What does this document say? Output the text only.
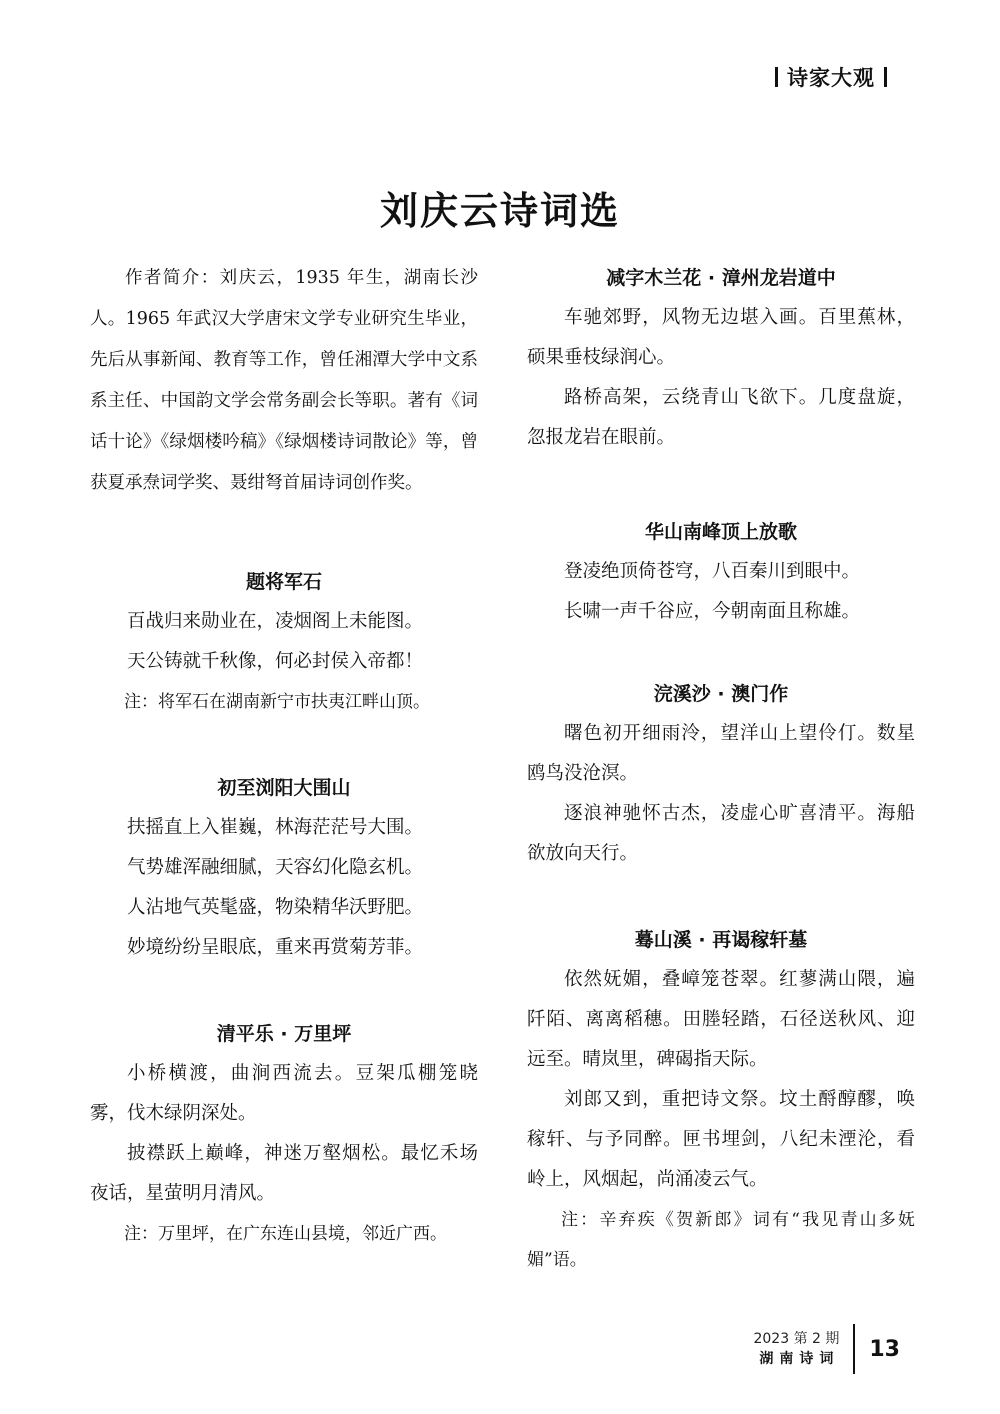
诗家大观
刘庆云诗词选

作者简介：刘庆云，1935 年生，湖南长沙人。1965 年武汉大学唐宋文学专业研究生毕业，先后从事新闻、教育等工作，曾任湘潭大学中文系系主任、中国韵文学会常务副会长等职。著有《词话十论》《绿烟楼吟稿》《绿烟楼诗词散论》等，曾获夏承焘词学奖、聂绀弩首届诗词创作奖。

题将军石

百战归来勋业在，凌烟阁上未能图。

天公铸就千秋像，何必封侯入帝都！

注：将军石在湖南新宁市扶夷江畔山顶。

初至浏阳大围山

扶摇直上入崔巍，林海茫茫号大围。

气势雄浑融细腻，天容幻化隐玄机。

人沾地气英髦盛，物染精华沃野肥。

妙境纷纷呈眼底，重来再赏菊芳菲。

清平乐 · 万里坪

小桥横渡，曲涧西流去。豆架瓜棚笼晓雾，伐木绿阴深处。

披襟跃上巅峰，神迷万壑烟松。最忆禾场夜话，星萤明月清风。

注：万里坪，在广东连山县境，邻近广西。

减字木兰花 · 漳州龙岩道中

车驰郊野，风物无边堪入画。百里蕉林，硕果垂枝绿润心。

路桥高架，云绕青山飞欲下。几度盘旋，忽报龙岩在眼前。

华山南峰顶上放歌

登凌绝顶倚苍穹，八百秦川到眼中。

长啸一声千谷应，今朝南面且称雄。

浣溪沙 · 澳门作

曙色初开细雨泠，望洋山上望伶仃。数星鸥鸟没沧溟。

逐浪神驰怀古杰，凌虚心旷喜清平。海船欲放向天行。

蓦山溪 · 再谒稼轩墓

依然妩媚，叠嶂笼苍翠。红蓼满山隈，遍阡陌、离离稻穗。田塍轻踏，石径送秋风、迎远至。晴岚里，碑碣指天际。

刘郎又到，重把诗文祭。坟土酹醇醪，唤稼轩、与予同醉。匣书埋剑，八纪未湮沦，看岭上，风烟起，尚涌凌云气。

注：辛弃疾《贺新郎》词有“我见青山多妩媚”语。

2023 第 2 期
湖南诗词 13
